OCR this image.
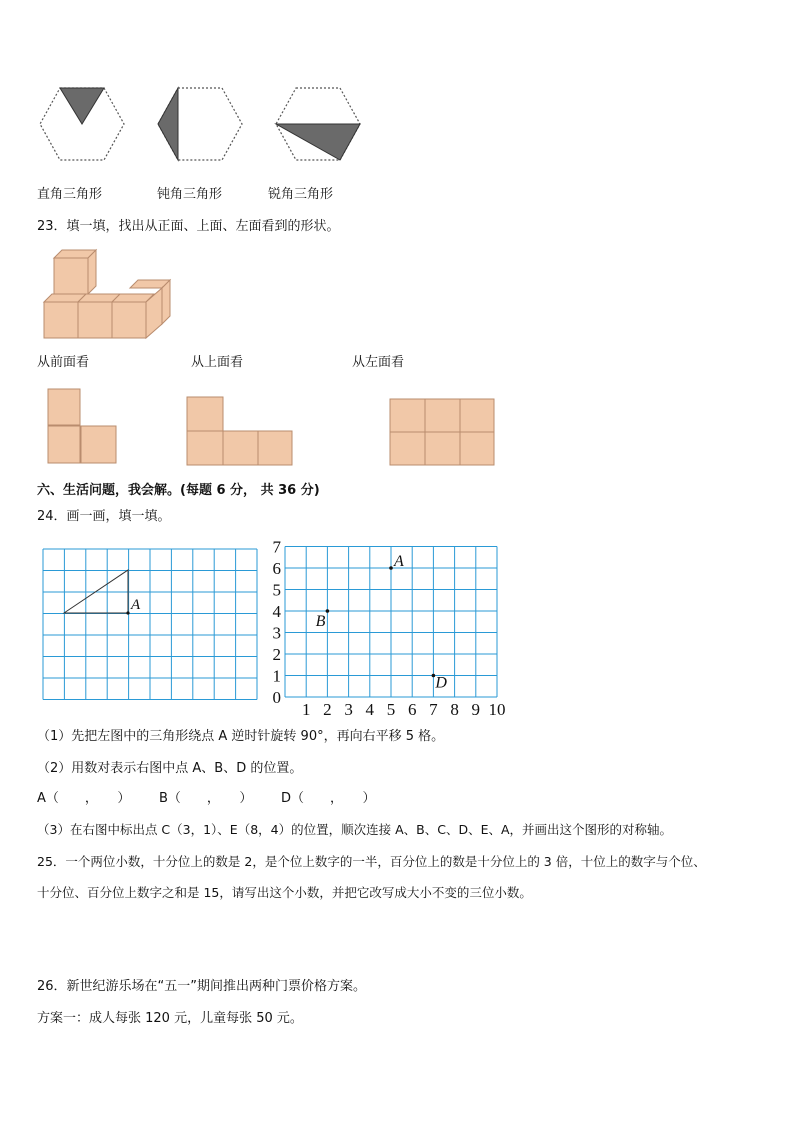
直角三角形	钝角三角形	锐角三角形
23．填一填，找出从正面、上面、左面看到的形状。
从前面看	从上面看	从左面看
六、生活问题，我会解。(每题 6 分， 共 36 分)
24．画一画，填一填。
A
0
1
2
3
4
5
6
7
1 2 3 4 5 6 7 8 9 10
A
B
D
（1）先把左图中的三角形绕点 A 逆时针旋转 90°，再向右平移 5 格。
（2）用数对表示右图中点 A、B、D 的位置。
A（　　，　　） B（　　，　　） D（　　，　　）
（3）在右图中标出点 C（3，1）、E（8，4）的位置，顺次连接 A、B、C、D、E、A，并画出这个图形的对称轴。
25．一个两位小数，十分位上的数是 2，是个位上数字的一半，百分位上的数是十分位上的 3 倍，十位上的数字与个位、
十分位、百分位上数字之和是 15，请写出这个小数，并把它改写成大小不变的三位小数。
26．新世纪游乐场在“五一”期间推出两种门票价格方案。
方案一：成人每张 120 元，儿童每张 50 元。
